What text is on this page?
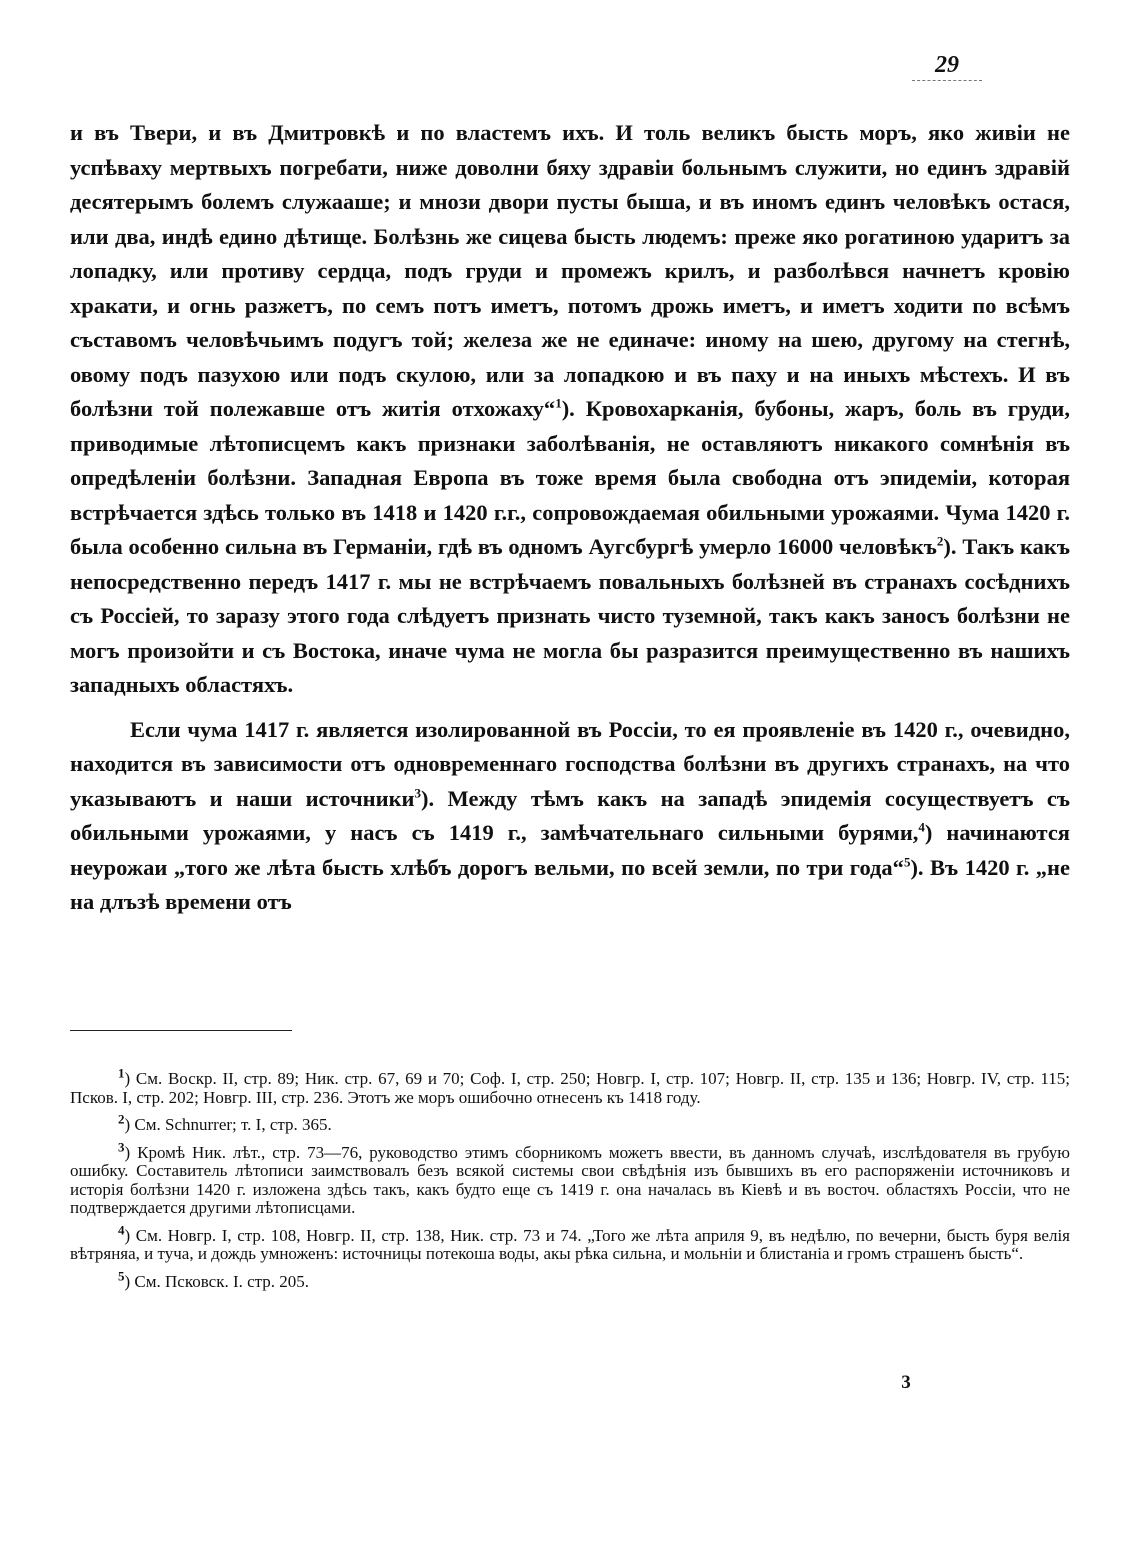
29

и въ Твери, и въ Дмитровкѣ и по властемъ ихъ. И толь великъ бысть моръ, яко живіи не успѣваху мертвыхъ погребати, ниже доволни бяху здравіи больнымъ служити, но единъ здравій десятерымъ болемъ служааше; и мнози двори пусты быша, и въ иномъ единъ человѣкъ остася, или два, индѣ едино дѣтище. Болѣзнь же сицева бысть людемъ: преже яко рогатиною ударитъ за лопадку, или противу сердца, подъ груди и промежъ крилъ, и разболѣвся начнетъ кровію хракати, и огнь разжетъ, по семъ потъ иметъ, потомъ дрожь иметъ, и иметъ ходити по всѣмъ съставомъ человѣчьимъ подугъ той; железа же не единаче: иному на шею, другому на стегнѣ, овому подъ пазухою или подъ скулою, или за лопадкою и въ паху и на иныхъ мѣстехъ. И въ болѣзни той полежавше отъ житія отхожаху“$^1$). Кровохарканія, бубоны, жаръ, боль въ груди, приводимые лѣтописцемъ какъ признаки заболѣванія, не оставляютъ никакого сомнѣнія въ опредѣленіи болѣзни. Западная Европа въ тоже время была свободна отъ эпидеміи, которая встрѣчается здѣсь только въ 1418 и 1420 г.г., сопровождаемая обильными урожаями. Чума 1420 г. была особенно сильна въ Германіи, гдѣ въ одномъ Аугсбургѣ умерло 16000 человѣкъ$^2$). Такъ какъ непосредственно передъ 1417 г. мы не встрѣчаемъ повальныхъ болѣзней въ странахъ сосѣднихъ съ Россіей, то заразу этого года слѣдуетъ признать чисто туземной, такъ какъ заносъ болѣзни не могъ произойти и съ Востока, иначе чума не могла бы разразится преимущественно въ нашихъ западныхъ областяхъ.

Если чума 1417 г. является изолированной въ Россіи, то ея проявленіе въ 1420 г., очевидно, находится въ зависимости отъ одновременнаго господства болѣзни въ другихъ странахъ, на что указываютъ и наши источники$^3$). Между тѣмъ какъ на западѣ эпидемія сосуществуетъ съ обильными урожаями, у насъ съ 1419 г., замѣчательнаго сильными бурями,$^4$) начинаются неурожаи „того же лѣта бысть хлѣбъ дорогъ вельми, по всей земли, по три года“$^5$). Въ 1420 г. „не на длъзѣ времени отъ

$^1$) См. Воскр. II, стр. 89; Ник. стр. 67, 69 и 70; Соф. I, стр. 250; Новгр. I, стр. 107; Новгр. II, стр. 135 и 136; Новгр. IV, стр. 115; Псков. I, стр. 202; Новгр. III, стр. 236. Этотъ же моръ ошибочно отнесенъ къ 1418 году.

$^2$) См. Schnurrer; т. I, стр. 365.

$^3$) Кромѣ Ник. лѣт., стр. 73—76, руководство этимъ сборникомъ можетъ ввести, въ данномъ случаѣ, изслѣдователя въ грубую ошибку. Составитель лѣтописи заимствовалъ безъ всякой системы свои свѣдѣнія изъ бывшихъ въ его распоряженіи источниковъ и исторія болѣзни 1420 г. изложена здѣсь такъ, какъ будто еще съ 1419 г. она началась въ Кіевѣ и въ восточ. областяхъ Россіи, что не подтверждается другими лѣтописцами.

$^4$) См. Новгр. I, стр. 108, Новгр. II, стр. 138, Ник. стр. 73 и 74. „Того же лѣта априля 9, въ недѣлю, по вечерни, бысть буря велія вѣтряняа, и туча, и дождь умноженъ: источницы потекоша воды, акы рѣка сильна, и мольніи и блистаніа и громъ страшенъ бысть“.

$^5$) См. Псковск. I. стр. 205.

3
